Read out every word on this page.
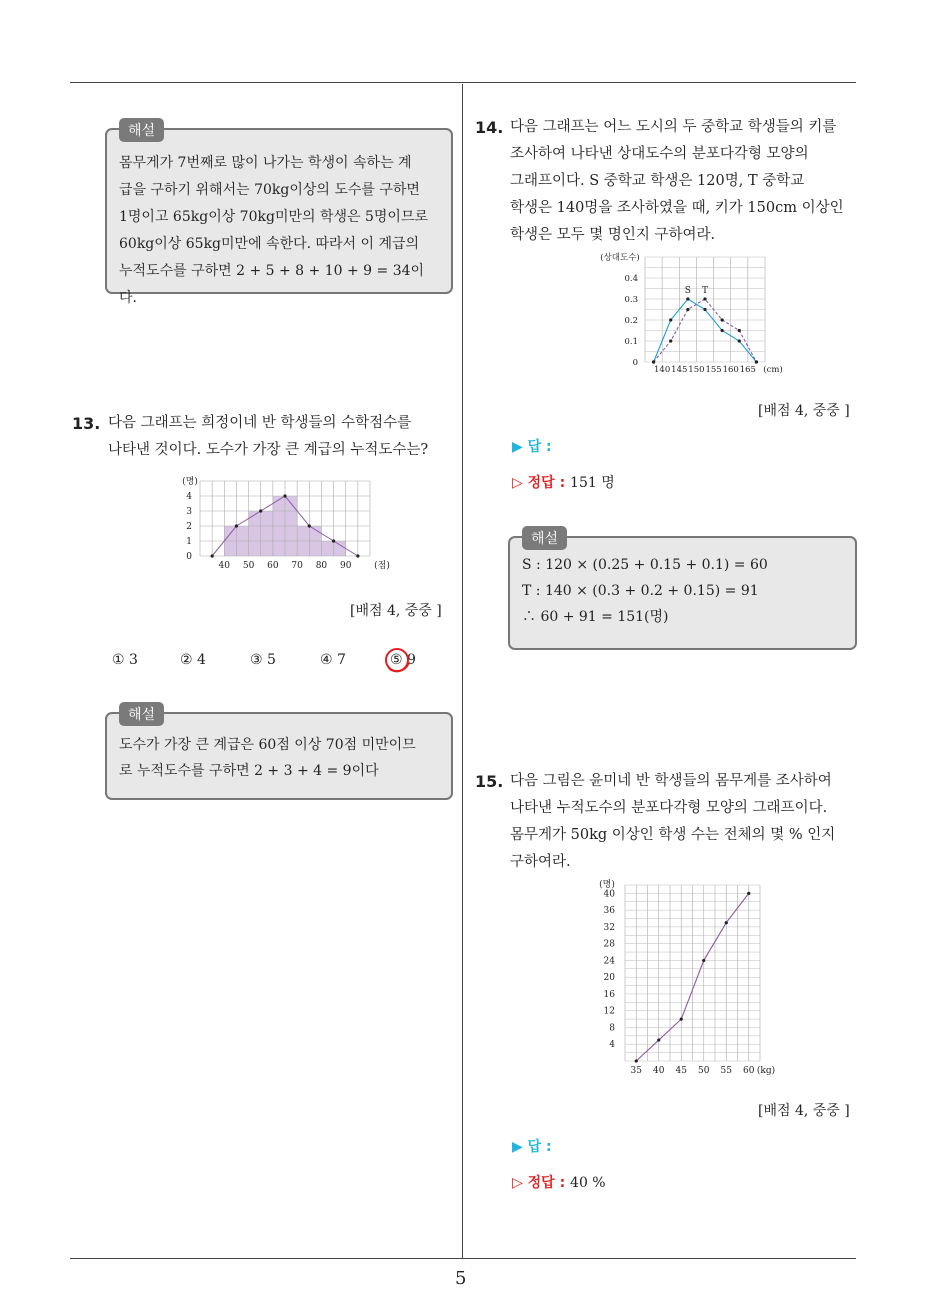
해설
몸무게가 7번째로 많이 나가는 학생이 속하는 계
급을 구하기 위해서는 70kg이상의 도수를 구하면
1명이고 65kg이상 70kg미만의 학생은 5명이므로
60kg이상 65kg미만에 속한다. 따라서 이 계급의
누적도수를 구하면 2 + 5 + 8 + 10 + 9 = 34이다.
13. 다음 그래프는 희정이네 반 학생들의 수학점수를
나타낸 것이다. 도수가 가장 큰 계급의 누적도수는?
40 50 60 70 80 90
0
1
2
3
4
(명)
(점)
[배점 4, 중중 ]
① 3	② 4	③ 5	④ 7	⑤ 9
해설
도수가 가장 큰 계급은 60점 이상 70점 미만이므
로 누적도수를 구하면 2 + 3 + 4 = 9이다
14. 다음 그래프는 어느 도시의 두 중학교 학생들의 키를
조사하여 나타낸 상대도수의 분포다각형 모양의
그래프이다. S 중학교 학생은 120명, T 중학교
학생은 140명을 조사하였을 때, 키가 150cm 이상인
학생은 모두 몇 명인지 구하여라.
S T
140 145 150 155 160 165
0
0.1
0.2
0.3
0.4
(상대도수)
(cm)
[배점 4, 중중 ]
▶ 답 :
▷ 정답 : 151 명
해설
S : 120 × (0.25 + 0.15 + 0.1) = 60
T : 140 × (0.3 + 0.2 + 0.15) = 91
∴ 60 + 91 = 151(명)
15. 다음 그림은 윤미네 반 학생들의 몸무게를 조사하여
나타낸 누적도수의 분포다각형 모양의 그래프이다.
몸무게가 50kg 이상인 학생 수는 전체의 몇 % 인지
구하여라.
35 40 45 50 55 60
4
8
12
16
20
24
28
32
36
40
(명)
(kg)
[배점 4, 중중 ]
▶ 답 :
▷ 정답 : 40 %
5
